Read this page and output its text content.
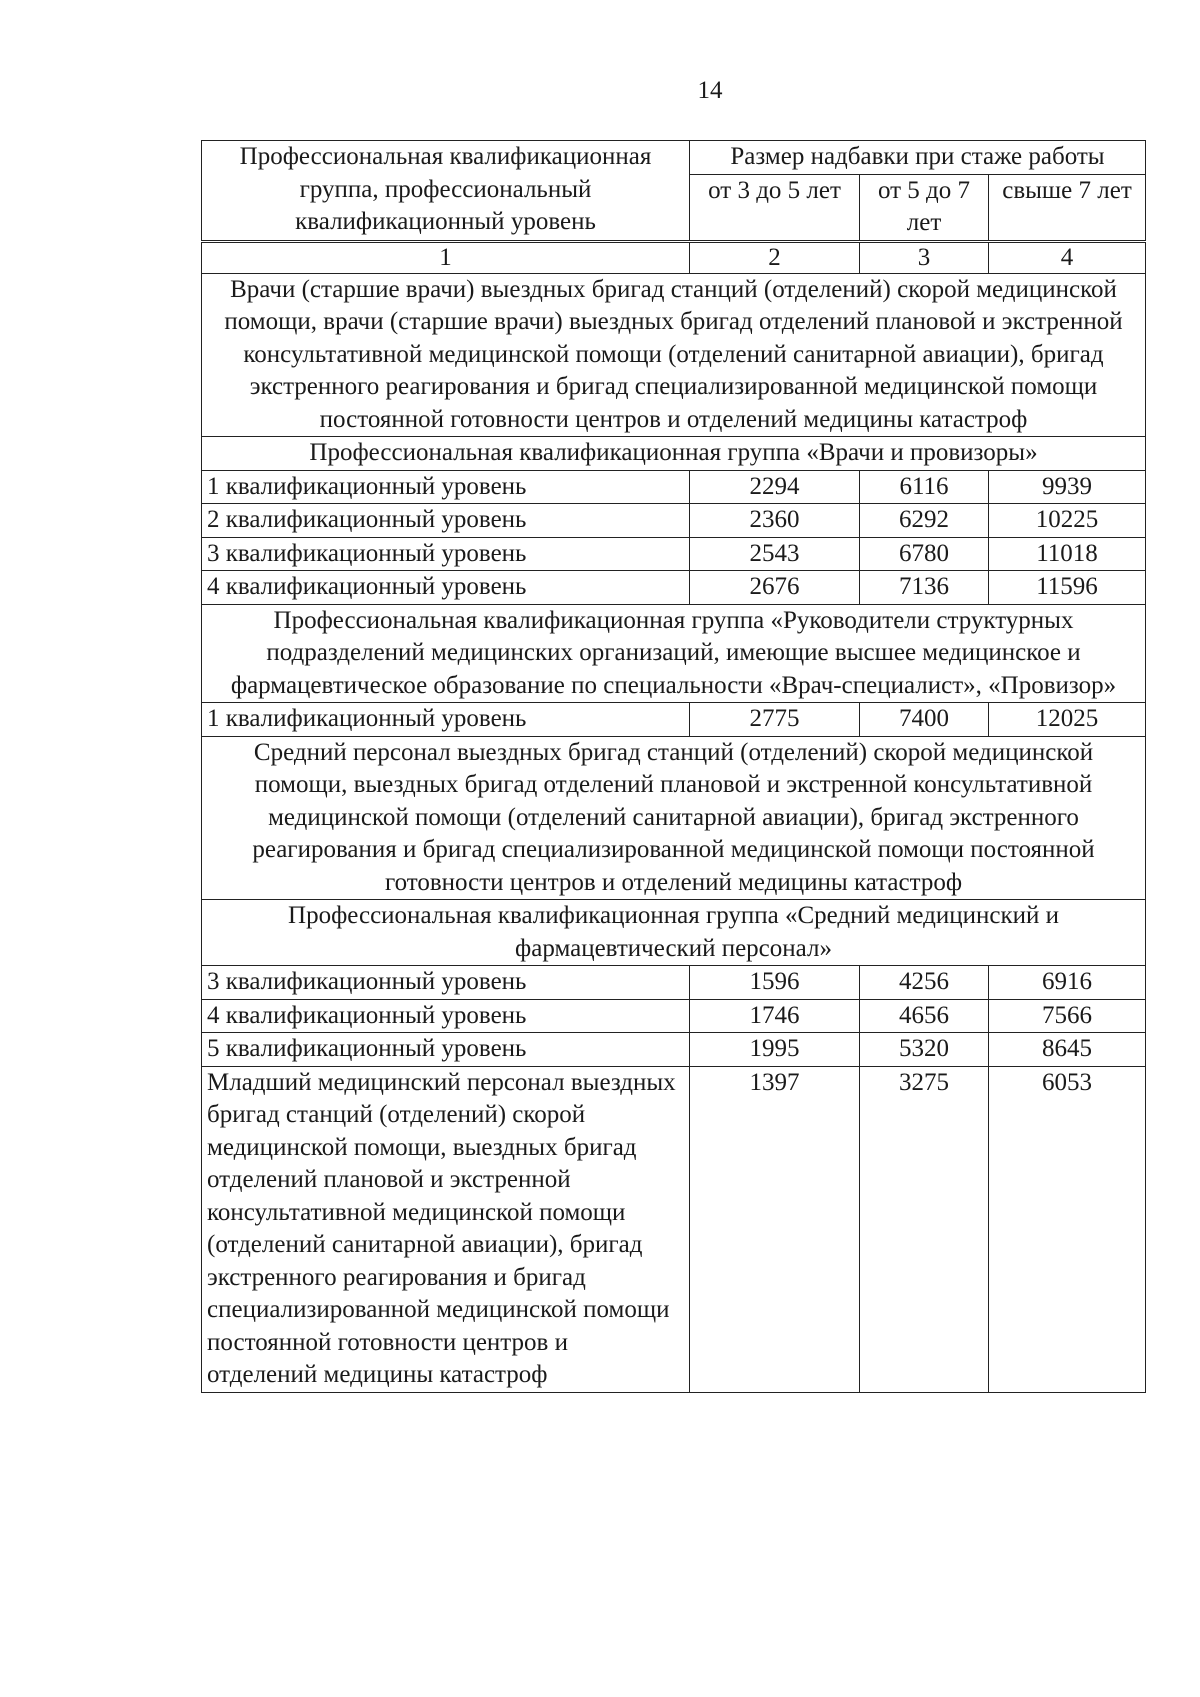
14
Профессиональная квалификационная группа, профессиональный квалификационный уровень	Размер надбавки при стаже работы		
	от 3 до 5 лет	от 5 до 7 лет	свыше 7 лет
1	2	3	4
Врачи (старшие врачи) выездных бригад станций (отделений) скорой медицинской помощи, врачи (старшие врачи) выездных бригад отделений плановой и экстренной консультативной медицинской помощи (отделений санитарной авиации), бригад экстренного реагирования и бригад специализированной медицинской помощи постоянной готовности центров и отделений медицины катастроф			
Профессиональная квалификационная группа «Врачи и провизоры»			
1 квалификационный уровень	2294	6116	9939
2 квалификационный уровень	2360	6292	10225
3 квалификационный уровень	2543	6780	11018
4 квалификационный уровень	2676	7136	11596
Профессиональная квалификационная группа «Руководители структурных подразделений медицинских организаций, имеющие высшее медицинское и фармацевтическое образование по специальности «Врач-специалист», «Провизор»			
1 квалификационный уровень	2775	7400	12025
Средний персонал выездных бригад станций (отделений) скорой медицинской помощи, выездных бригад отделений плановой и экстренной консультативной медицинской помощи (отделений санитарной авиации), бригад экстренного реагирования и бригад специализированной медицинской помощи постоянной готовности центров и отделений медицины катастроф			
Профессиональная квалификационная группа «Средний медицинский и фармацевтический персонал»			
3 квалификационный уровень	1596	4256	6916
4 квалификационный уровень	1746	4656	7566
5 квалификационный уровень	1995	5320	8645
Младший медицинский персонал выездных бригад станций (отделений) скорой медицинской помощи, выездных бригад отделений плановой и экстренной консультативной медицинской помощи (отделений санитарной авиации), бригад экстренного реагирования и бригад специализированной медицинской помощи постоянной готовности центров и отделений медицины катастроф	1397	3275	6053
